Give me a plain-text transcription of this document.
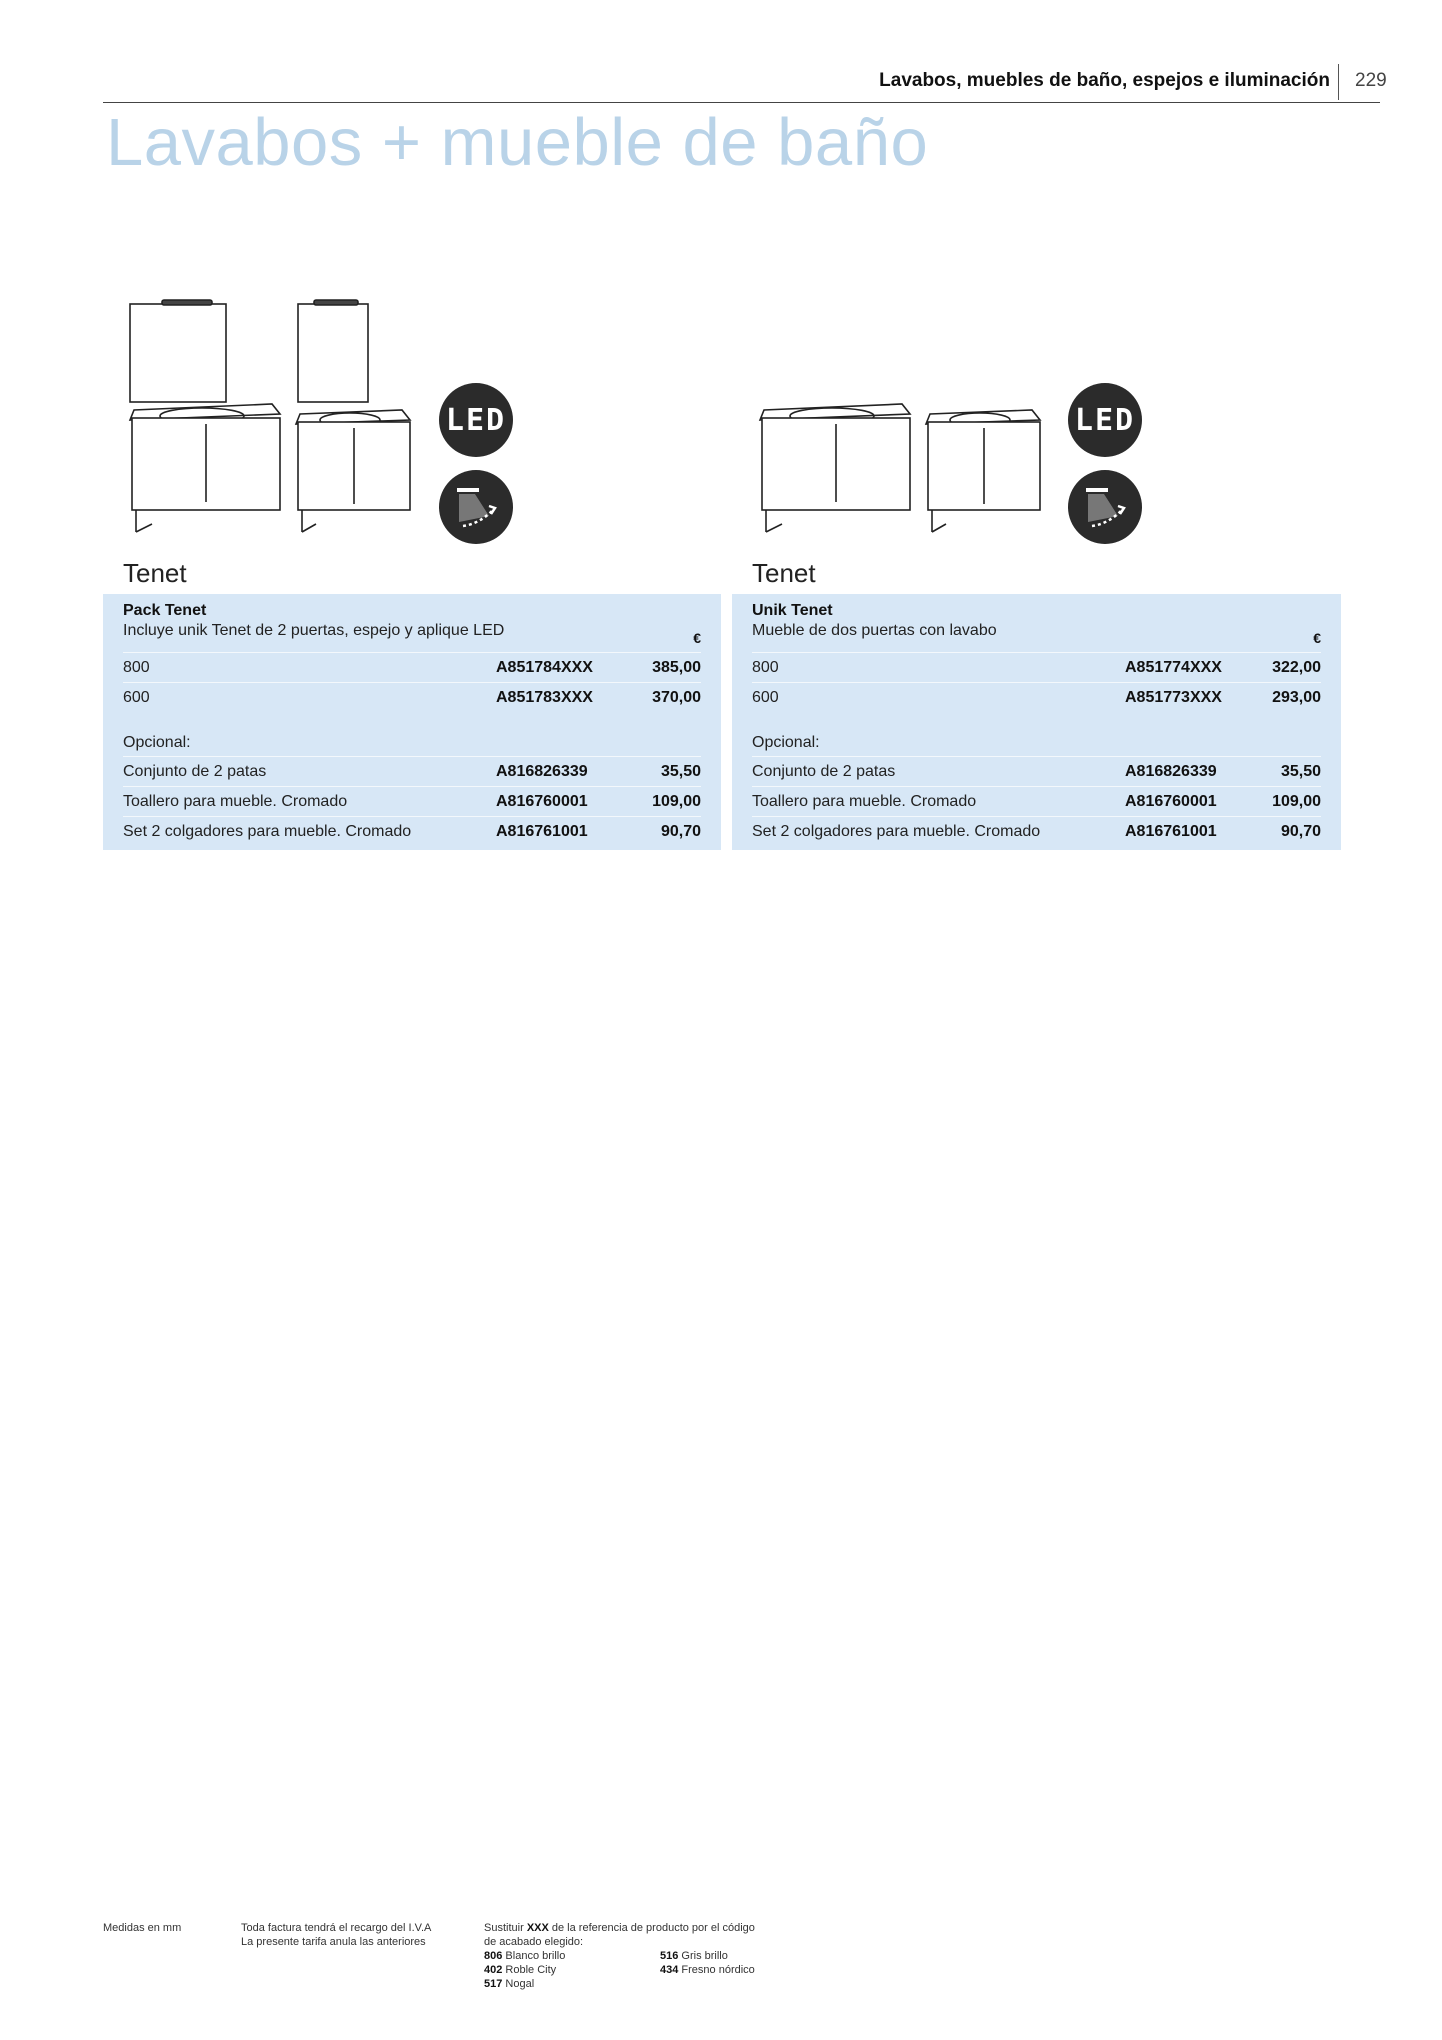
Lavabos, muebles de baño, espejos e iluminación 229
Lavabos + mueble de baño
LED	LED
Tenet	Tenet
Pack Tenet
Incluye unik Tenet de 2 puertas, espejo y aplique LED	€
800	A851784XXX	385,00
600	A851783XXX	370,00
Opcional:
Conjunto de 2 patas	A816826339	35,50
Toallero para mueble. Cromado	A816760001	109,00
Set 2 colgadores para mueble. Cromado	A816761001	90,70
Unik Tenet
Mueble de dos puertas con lavabo	€
800	A851774XXX	322,00
600	A851773XXX	293,00
Opcional:
Conjunto de 2 patas	A816826339	35,50
Toallero para mueble. Cromado	A816760001	109,00
Set 2 colgadores para mueble. Cromado	A816761001	90,70
Medidas en mm	Toda factura tendrá el recargo del I.V.A
La presente tarifa anula las anteriores
Sustituir XXX de la referencia de producto por el código
de acabado elegido:
806 Blanco brillo
402 Roble City
517 Nogal
516 Gris brillo
434 Fresno nórdico
